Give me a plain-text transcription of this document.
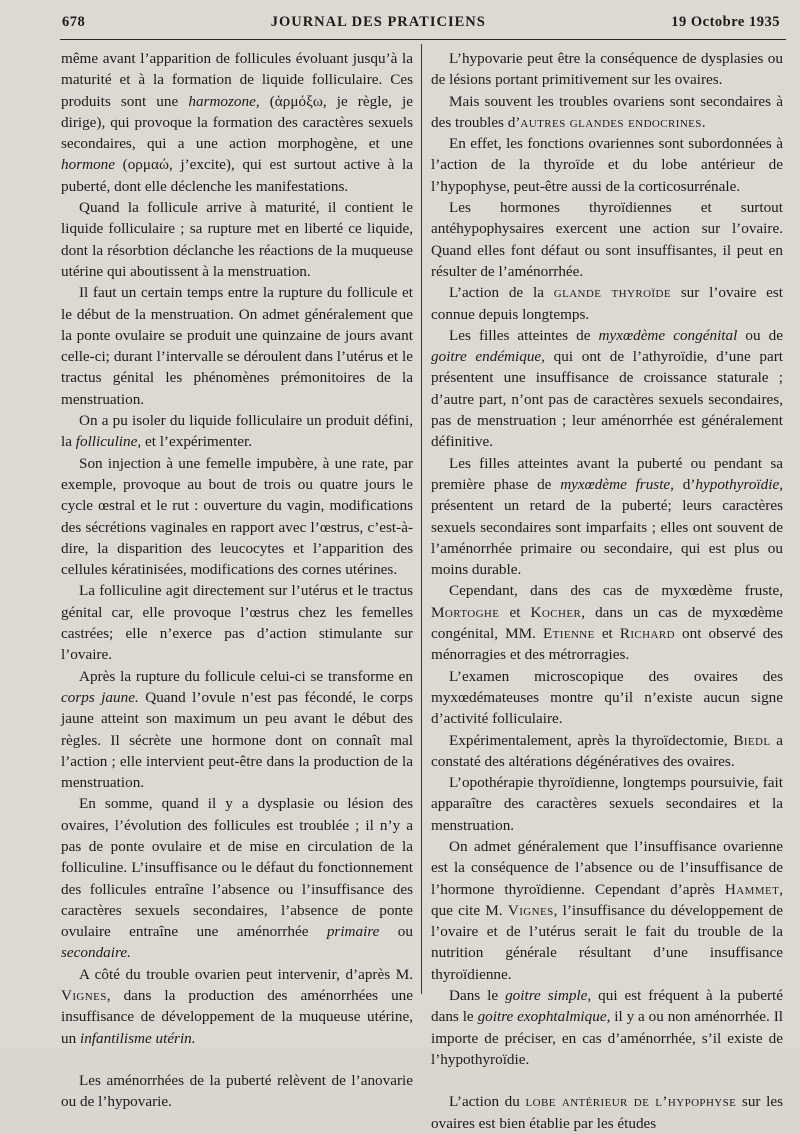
678	JOURNAL DES PRATICIENS	19 Octobre 1935

même avant l’apparition de follicules évoluant jusqu’à la maturité et à la formation de liquide folliculaire. Ces produits sont une harmozone, (ἁρμόξω, je règle, je dirige), qui provoque la formation des caractères sexuels secondaires, qui a une action morphogène, et une hormone (ορμαώ, j’excite), qui est surtout active à la puberté, dont elle déclenche les manifestations.

Quand la follicule arrive à maturité, il contient le liquide folliculaire ; sa rupture met en liberté ce liquide, dont la résorbtion déclanche les réactions de la muqueuse utérine qui aboutissent à la menstruation.

Il faut un certain temps entre la rupture du follicule et le début de la menstruation. On admet généralement que la ponte ovulaire se produit une quinzaine de jours avant celle-ci; durant l’intervalle se déroulent dans l’utérus et le tractus génital les phénomènes prémonitoires de la menstruation.

On a pu isoler du liquide folliculaire un produit défini, la folliculine, et l’expérimenter.

Son injection à une femelle impubère, à une rate, par exemple, provoque au bout de trois ou quatre jours le cycle œstral et le rut : ouverture du vagin, modifications des sécrétions vaginales en rapport avec l’œstrus, c’est-à-dire, la disparition des leucocytes et l’apparition des cellules kératinisées, modifications des cornes utérines.

La folliculine agit directement sur l’utérus et le tractus génital car, elle provoque l’œstrus chez les femelles castrées; elle n’exerce pas d’action stimulante sur l’ovaire.

Après la rupture du follicule celui-ci se transforme en corps jaune. Quand l’ovule n’est pas fécondé, le corps jaune atteint son maximum un peu avant le début des règles. Il sécrète une hormone dont on connaît mal l’action ; elle intervient peut-être dans la production de la menstruation.

En somme, quand il y a dysplasie ou lésion des ovaires, l’évolution des follicules est troublée ; il n’y a pas de ponte ovulaire et de mise en circulation de la folliculine. L’insuffisance ou le défaut du fonctionnement des follicules entraîne l’absence ou l’insuffisance des caractères sexuels secondaires, l’absence de ponte ovulaire entraîne une aménorrhée primaire ou secondaire.

A côté du trouble ovarien peut intervenir, d’après M. Vignes, dans la production des aménorrhées une insuffisance de développement de la muqueuse utérine, un infantilisme utérin.

Les aménorrhées de la puberté relèvent de l’anovarie ou de l’hypovarie.

L’hypovarie peut être la conséquence de dysplasies ou de lésions portant primitivement sur les ovaires.

Mais souvent les troubles ovariens sont secondaires à des troubles d’autres glandes endocrines.

En effet, les fonctions ovariennes sont subordonnées à l’action de la thyroïde et du lobe antérieur de l’hypophyse, peut-être aussi de la corticosurrénale.

Les hormones thyroïdiennes et surtout antéhypophysaires exercent une action sur l’ovaire. Quand elles font défaut ou sont insuffisantes, il peut en résulter de l’aménorrhée.

L’action de la glande thyroïde sur l’ovaire est connue depuis longtemps.

Les filles atteintes de myxœdème congénital ou de goitre endémique, qui ont de l’athyroïdie, d’une part présentent une insuffisance de croissance staturale ; d’autre part, n’ont pas de caractères sexuels secondaires, pas de menstruation ; leur aménorrhée est généralement définitive.

Les filles atteintes avant la puberté ou pendant sa première phase de myxœdème fruste, d’hypothyroïdie, présentent un retard de la puberté; leurs caractères sexuels secondaires sont imparfaits ; elles ont souvent de l’aménorrhée primaire ou secondaire, qui est plus ou moins durable.

Cependant, dans des cas de myxœdème fruste, Mortoghe et Kocher, dans un cas de myxœdème congénital, MM. Etienne et Richard ont observé des ménorragies et des métrorragies.

L’examen microscopique des ovaires des myxœdémateuses montre qu’il n’existe aucun signe d’activité folliculaire.

Expérimentalement, après la thyroïdectomie, Biedl a constaté des altérations dégénératives des ovaires.

L’opothérapie thyroïdienne, longtemps poursuivie, fait apparaître des caractères sexuels secondaires et la menstruation.

On admet généralement que l’insuffisance ovarienne est la conséquence de l’absence ou de l’insuffisance de l’hormone thyroïdienne. Cependant d’après Hammet, que cite M. Vignes, l’insuffisance du développement de l’ovaire et de l’utérus serait le fait du trouble de la nutrition générale résultant d’une insuffisance thyroïdienne.

Dans le goitre simple, qui est fréquent à la puberté dans le goitre exophtalmique, il y a ou non aménorrhée. Il importe de préciser, en cas d’aménorrhée, s’il existe de l’hypothyroïdie.

L’action du lobe antérieur de l’hypophyse sur les ovaires est bien établie par les études
